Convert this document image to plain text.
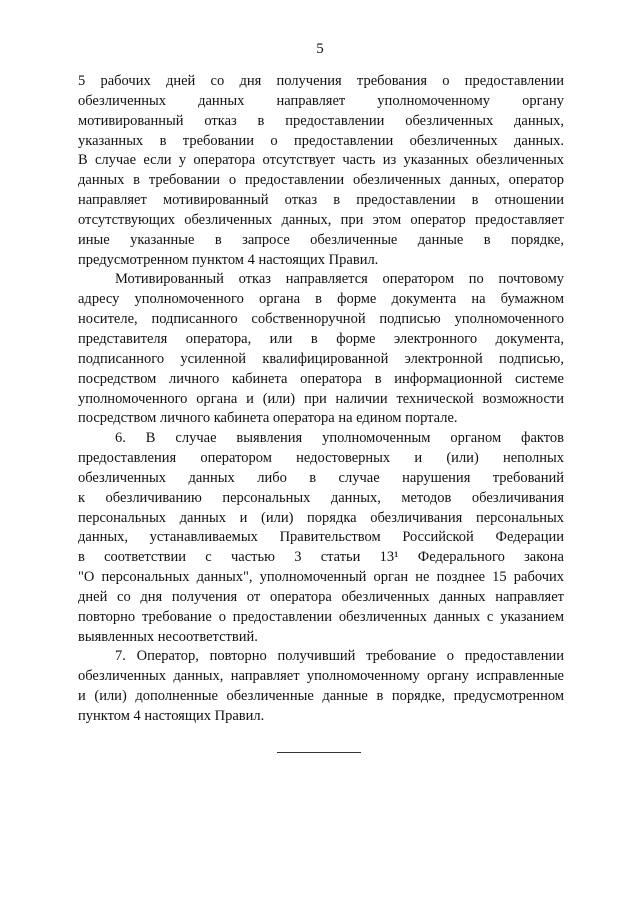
5
5 рабочих дней со дня получения требования о предоставлении
обезличенных данных направляет уполномоченному органу
мотивированный отказ в предоставлении обезличенных данных,
указанных в требовании о предоставлении обезличенных данных.
В случае если у оператора отсутствует часть из указанных обезличенных
данных в требовании о предоставлении обезличенных данных, оператор
направляет мотивированный отказ в предоставлении в отношении
отсутствующих обезличенных данных, при этом оператор предоставляет
иные указанные в запросе обезличенные данные в порядке,
предусмотренном пунктом 4 настоящих Правил.
Мотивированный отказ направляется оператором по почтовому
адресу уполномоченного органа в форме документа на бумажном
носителе, подписанного собственноручной подписью уполномоченного
представителя оператора, или в форме электронного документа,
подписанного усиленной квалифицированной электронной подписью,
посредством личного кабинета оператора в информационной системе
уполномоченного органа и (или) при наличии технической возможности
посредством личного кабинета оператора на едином портале.
6. В случае выявления уполномоченным органом фактов
предоставления оператором недостоверных и (или) неполных
обезличенных данных либо в случае нарушения требований
к обезличиванию персональных данных, методов обезличивания
персональных данных и (или) порядка обезличивания персональных
данных, устанавливаемых Правительством Российской Федерации
в соответствии с частью 3 статьи 13¹ Федерального закона
"О персональных данных", уполномоченный орган не позднее 15 рабочих
дней со дня получения от оператора обезличенных данных направляет
повторно требование о предоставлении обезличенных данных с указанием
выявленных несоответствий.
7. Оператор, повторно получивший требование о предоставлении
обезличенных данных, направляет уполномоченному органу исправленные
и (или) дополненные обезличенные данные в порядке, предусмотренном
пунктом 4 настоящих Правил.
